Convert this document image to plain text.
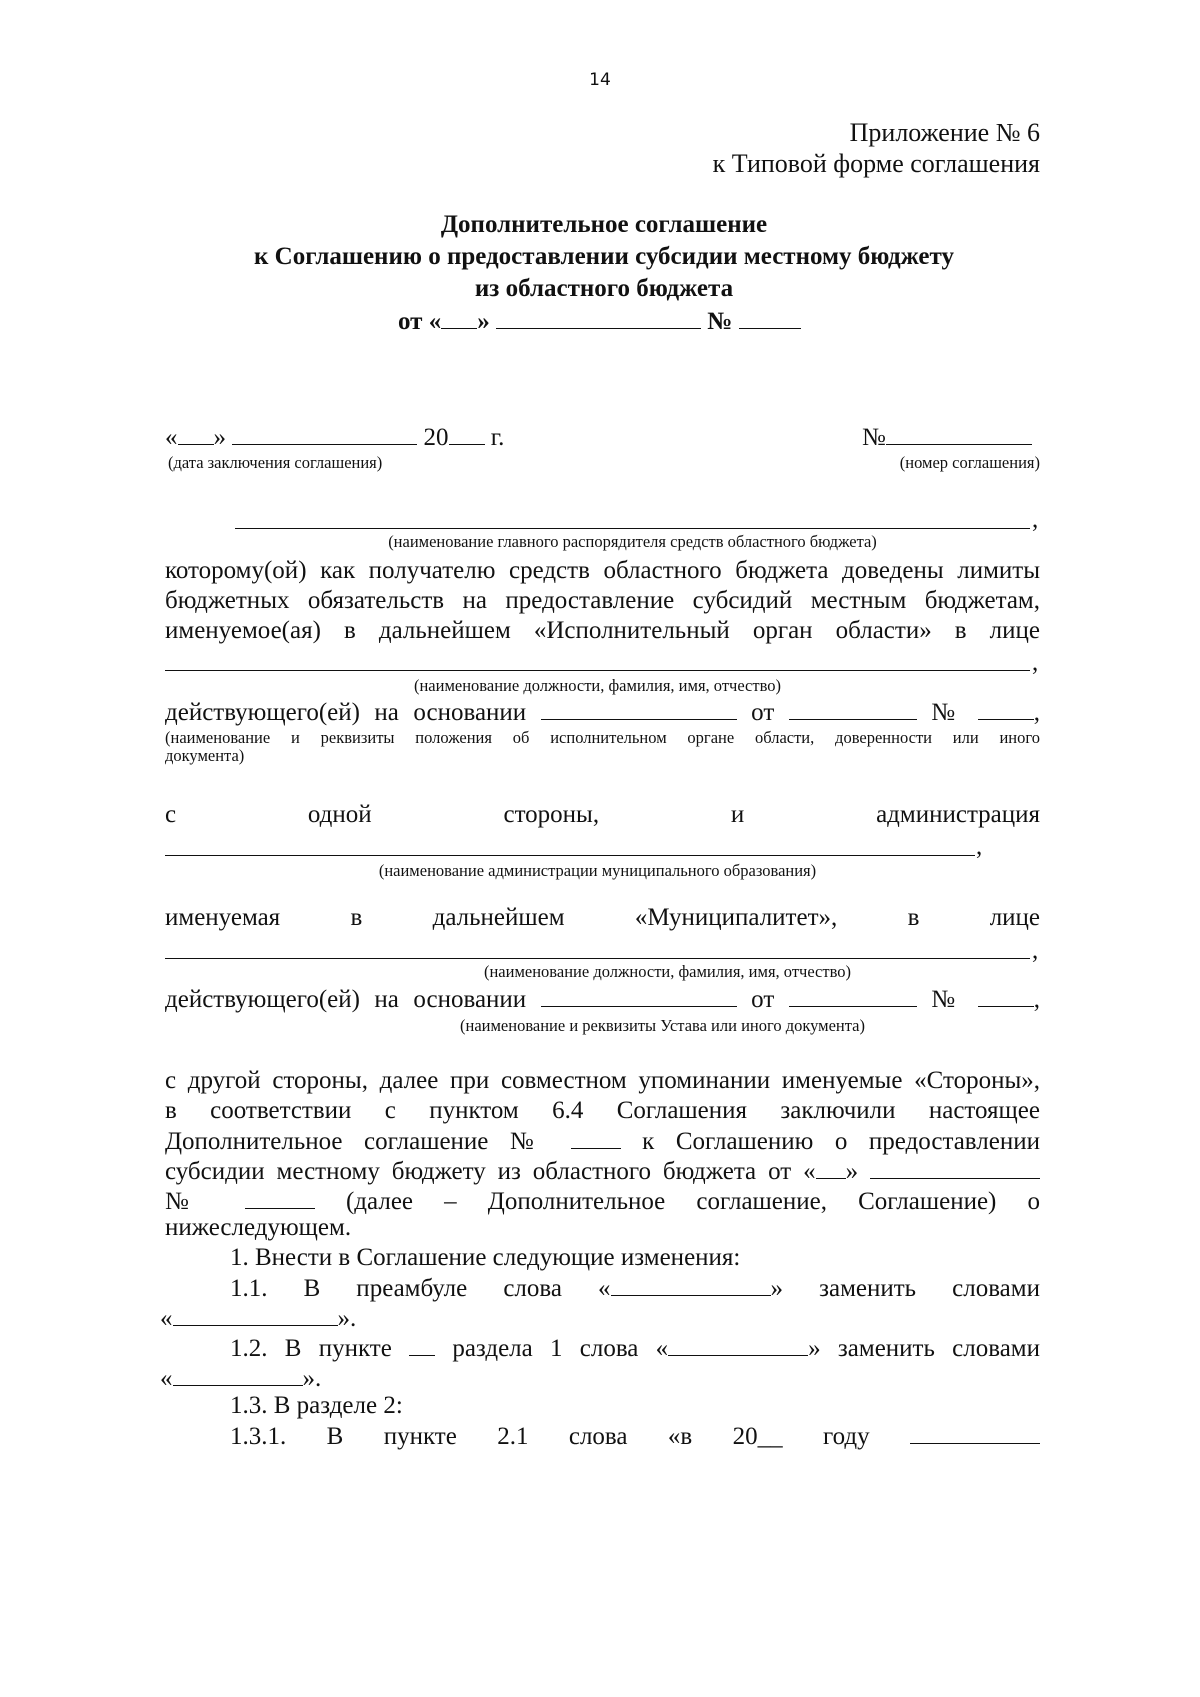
14
Приложение № 6
к Типовой форме соглашения
Дополнительное соглашение
к Соглашению о предоставлении субсидии местному бюджету
из областного бюджета
от « »	№
« »	20 г.	№
(дата заключения соглашения)	(номер соглашения)
,
(наименование главного распорядителя средств областного бюджета)
которому(ой) как получателю средств областного бюджета доведены лимиты
бюджетных обязательств на предоставление субсидий местным бюджетам,
именуемое(ая) в дальнейшем «Исполнительный орган области» в лице
,
(наименование должности, фамилия, имя, отчество)
действующего(ей) на основании	от	№	,
(наименование и реквизиты положения об исполнительном органе области, доверенности или иного
документа)
с	одной	стороны,	и	администрация
,
(наименование администрации муниципального образования)
именуемая	в	дальнейшем	«Муниципалитет»,	в	лице
,
(наименование должности, фамилия, имя, отчество)
действующего(ей) на основании	от	№	,
(наименование и реквизиты Устава или иного документа)
с другой стороны, далее при совместном упоминании именуемые «Стороны»,
в соответствии с пунктом 6.4 Соглашения заключили настоящее
Дополнительное соглашение №	к Соглашению о предоставлении
субсидии местному бюджету из областного бюджета от « »
№	(далее – Дополнительное соглашение, Соглашение) о
нижеследующем.
1. Внести в Соглашение следующие изменения:
1.1. В преамбуле слова «	» заменить словами
«	».
1.2. В пункте раздела 1 слова «	» заменить словами
«	».
1.3. В разделе 2:
1.3.1. В пункте 2.1 слова «в 20__ году
